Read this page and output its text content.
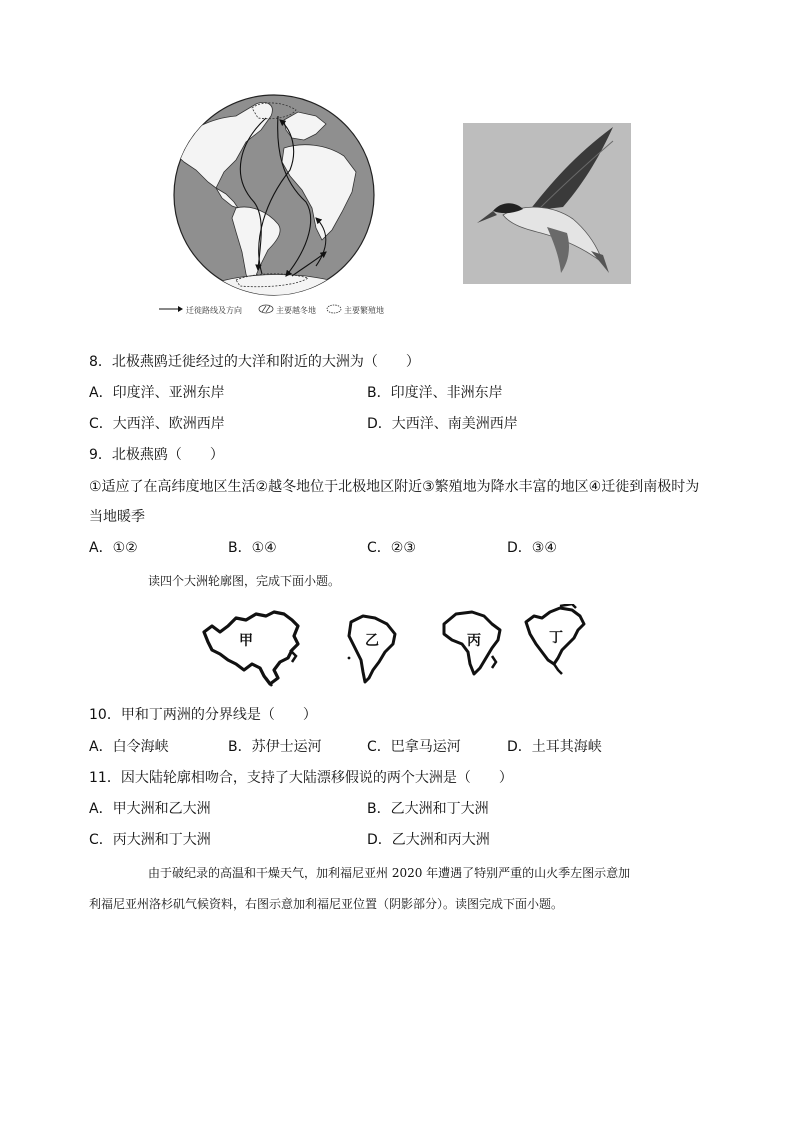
迁徙路线及方向	主要越冬地	主要繁殖地
8．北极燕鸥迁徙经过的大洋和附近的大洲为（　　）
A．印度洋、亚洲东岸	B．印度洋、非洲东岸
C．大西洋、欧洲西岸	D．大西洋、南美洲西岸
9．北极燕鸥（　　）
①适应了在高纬度地区生活②越冬地位于北极地区附近③繁殖地为降水丰富的地区④迁徙到南极时为
当地暖季
A．①②	B．①④	C．②③	D．③④
读四个大洲轮廓图，完成下面小题。
甲	乙	丙	丁
10．甲和丁两洲的分界线是（　　）
A．白令海峡	B．苏伊士运河	C．巴拿马运河	D．土耳其海峡
11．因大陆轮廓相吻合，支持了大陆漂移假说的两个大洲是（　　）
A．甲大洲和乙大洲	B．乙大洲和丁大洲
C．丙大洲和丁大洲	D．乙大洲和丙大洲
由于破纪录的高温和干燥天气，加利福尼亚州 2020 年遭遇了特别严重的山火季左图示意加
利福尼亚州洛杉矶气候资料，右图示意加利福尼亚位置（阴影部分）。读图完成下面小题。
